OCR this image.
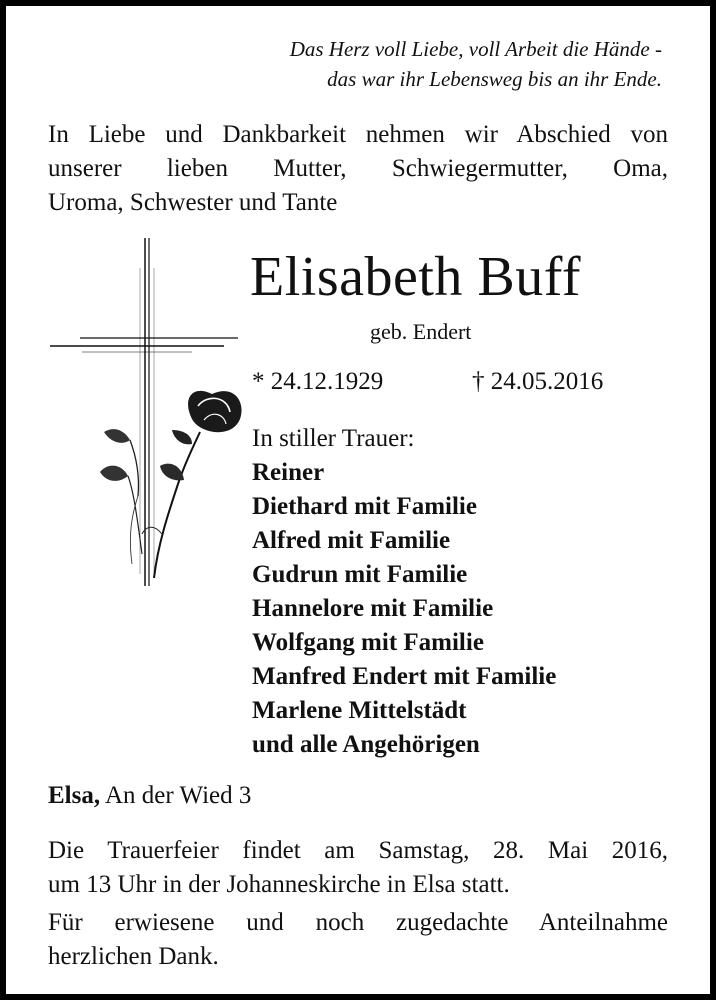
Das Herz voll Liebe, voll Arbeit die Hände -
das war ihr Lebensweg bis an ihr Ende.
In Liebe und Dankbarkeit nehmen wir Abschied von
unserer lieben Mutter, Schwiegermutter, Oma,
Uroma, Schwester und Tante
Elisabeth Buff
geb. Endert
* 24.12.1929	† 24.05.2016
In stiller Trauer:
Reiner
Diethard mit Familie
Alfred mit Familie
Gudrun mit Familie
Hannelore mit Familie
Wolfgang mit Familie
Manfred Endert mit Familie
Marlene Mittelstädt
und alle Angehörigen
Elsa, An der Wied 3
Die Trauerfeier findet am Samstag, 28. Mai 2016,
um 13 Uhr in der Johanneskirche in Elsa statt.
Für erwiesene und noch zugedachte Anteilnahme
herzlichen Dank.
